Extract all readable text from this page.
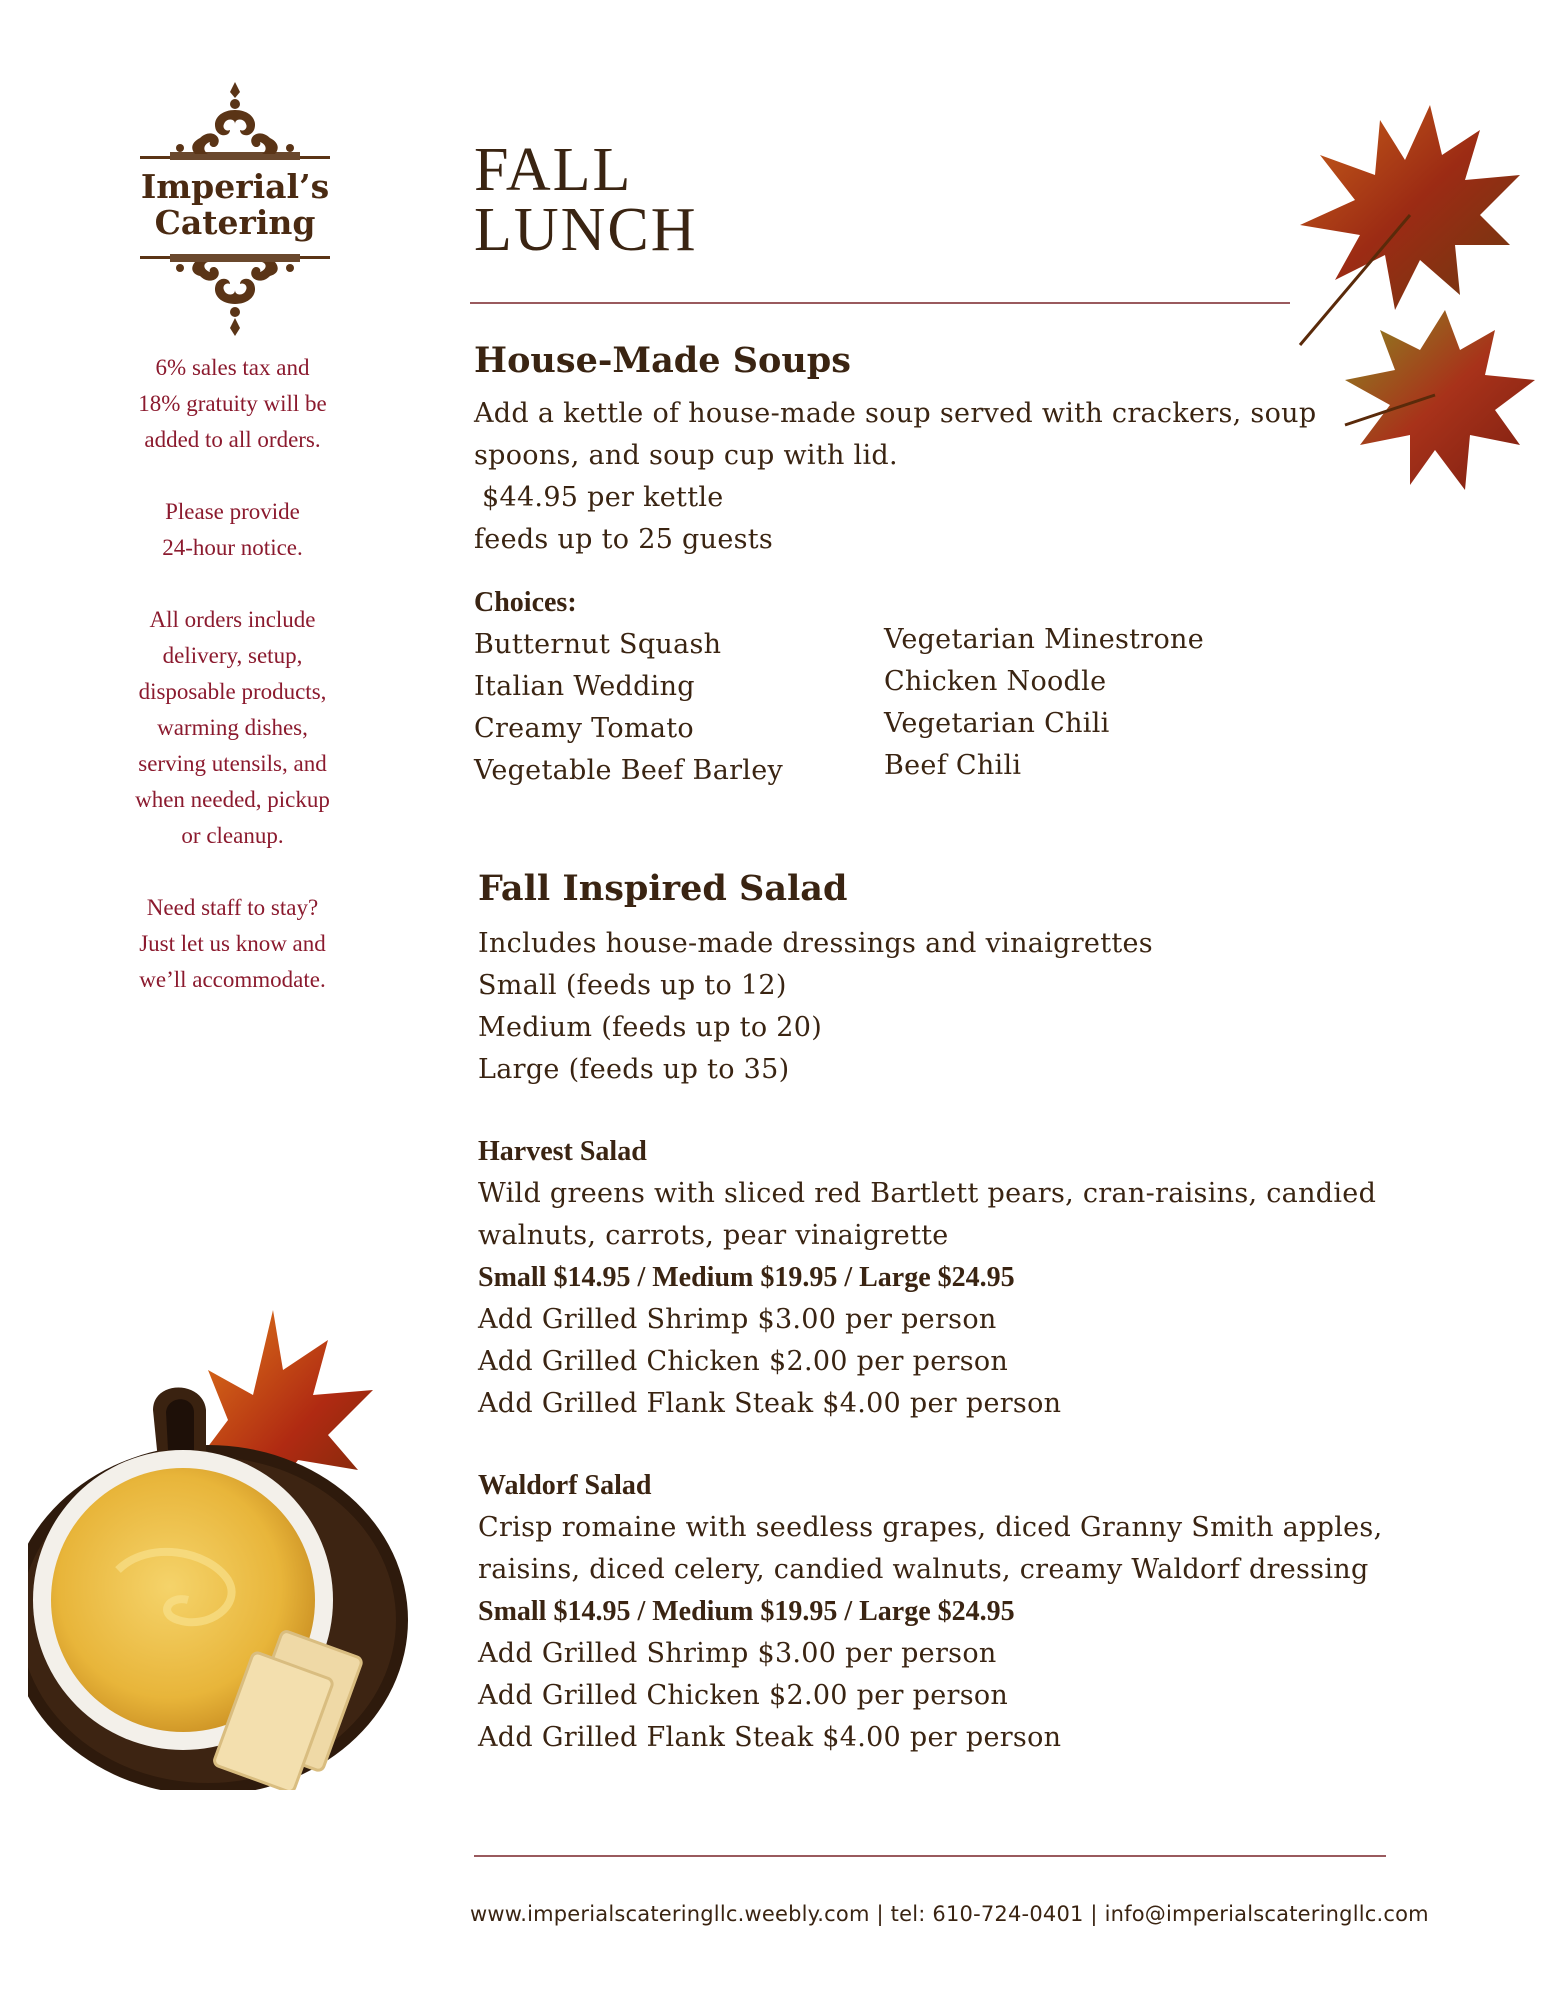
Imperial’s
Catering

6% sales tax and
18% gratuity will be
added to all orders.

Please provide
24-hour notice.

All orders include
delivery, setup,
disposable products,
warming dishes,
serving utensils, and
when needed, pickup
or cleanup.

Need staff to stay?
Just let us know and
we’ll accommodate.

FALL
LUNCH
House-Made Soups
Add a kettle of house-made soup served with crackers, soup
spoons, and soup cup with lid.
$44.95 per kettle
feeds up to 25 guests
Choices:
Butternut Squash
Italian Wedding
Creamy Tomato
Vegetable Beef Barley
Vegetarian Minestrone
Chicken Noodle
Vegetarian Chili
Beef Chili
Fall Inspired Salad
Includes house-made dressings and vinaigrettes
Small (feeds up to 12)
Medium (feeds up to 20)
Large (feeds up to 35)
Harvest Salad
Wild greens with sliced red Bartlett pears, cran-raisins, candied
walnuts, carrots, pear vinaigrette
Small $14.95 / Medium $19.95 / Large $24.95
Add Grilled Shrimp $3.00 per person
Add Grilled Chicken $2.00 per person
Add Grilled Flank Steak $4.00 per person
Waldorf Salad
Crisp romaine with seedless grapes, diced Granny Smith apples,
raisins, diced celery, candied walnuts, creamy Waldorf dressing
Small $14.95 / Medium $19.95 / Large $24.95
Add Grilled Shrimp $3.00 per person
Add Grilled Chicken $2.00 per person
Add Grilled Flank Steak $4.00 per person
www.imperialscateringllc.weebly.com | tel: 610-724-0401 | info@imperialscateringllc.com
